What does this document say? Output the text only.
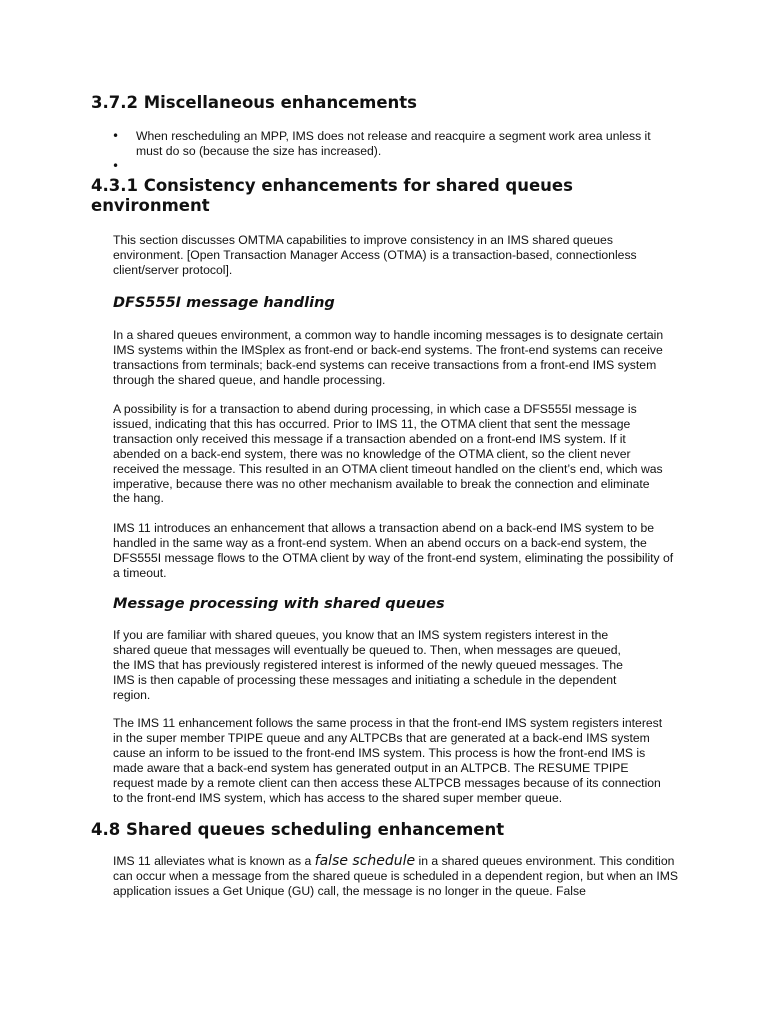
3.7.2 Miscellaneous enhancements
• When rescheduling an MPP, IMS does not release and reacquire a segment work area unless it must do so (because the size has increased).
•
4.3.1 Consistency enhancements for shared queues environment

This section discusses OMTMA capabilities to improve consistency in an IMS shared queues environment. [Open Transaction Manager Access (OTMA) is a transaction-based, connectionless client/server protocol].

DFS555I message handling

In a shared queues environment, a common way to handle incoming messages is to designate certain IMS systems within the IMSplex as front-end or back-end systems. The front-end systems can receive transactions from terminals; back-end systems can receive transactions from a front-end IMS system through the shared queue, and handle processing.

A possibility is for a transaction to abend during processing, in which case a DFS555I message is issued, indicating that this has occurred. Prior to IMS 11, the OTMA client that sent the message transaction only received this message if a transaction abended on a front-end IMS system. If it abended on a back-end system, there was no knowledge of the OTMA client, so the client never received the message. This resulted in an OTMA client timeout handled on the client’s end, which was imperative, because there was no other mechanism available to break the connection and eliminate the hang.

IMS 11 introduces an enhancement that allows a transaction abend on a back-end IMS system to be handled in the same way as a front-end system. When an abend occurs on a back-end system, the DFS555I message flows to the OTMA client by way of the front-end system, eliminating the possibility of a timeout.

Message processing with shared queues

If you are familiar with shared queues, you know that an IMS system registers interest in the shared queue that messages will eventually be queued to. Then, when messages are queued, the IMS that has previously registered interest is informed of the newly queued messages. The IMS is then capable of processing these messages and initiating a schedule in the dependent region.

The IMS 11 enhancement follows the same process in that the front-end IMS system registers interest in the super member TPIPE queue and any ALTPCBs that are generated at a back-end IMS system cause an inform to be issued to the front-end IMS system. This process is how the front-end IMS is made aware that a back-end system has generated output in an ALTPCB. The RESUME TPIPE request made by a remote client can then access these ALTPCB messages because of its connection to the front-end IMS system, which has access to the shared super member queue.

4.8 Shared queues scheduling enhancement

IMS 11 alleviates what is known as a false schedule in a shared queues environment. This condition can occur when a message from the shared queue is scheduled in a dependent region, but when an IMS application issues a Get Unique (GU) call, the message is no longer in the queue. False
